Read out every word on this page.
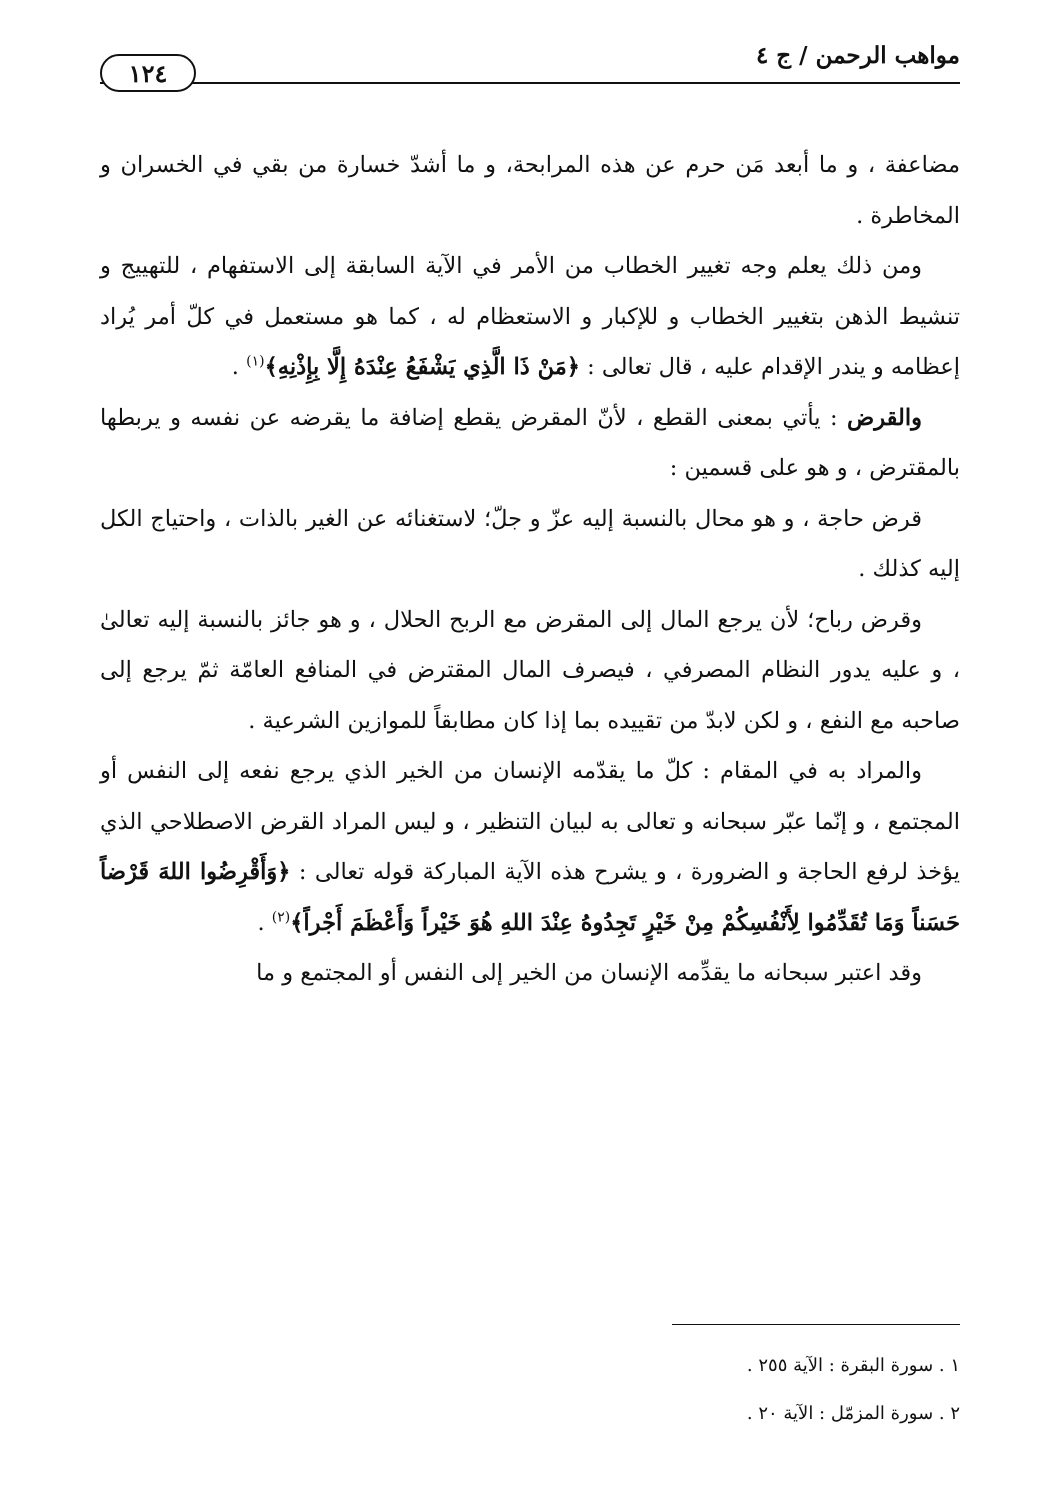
مواهب الرحمن / ج ٤
١٢٤

مضاعفة ، و ما أبعد مَن حرم عن هذه المرابحة، و ما أشدّ خسارة من بقي في الخسران و المخاطرة .

ومن ذلك يعلم وجه تغيير الخطاب من الأمر في الآية السابقة إلى الاستفهام ، للتهييج و تنشيط الذهن بتغيير الخطاب و للإكبار و الاستعظام له ، كما هو مستعمل في كلّ أمر يُراد إعظامه و يندر الإقدام عليه ، قال تعالى : ﴿مَنْ ذَا الَّذِي يَشْفَعُ عِنْدَهُ إِلَّا بِإِذْنِهِ﴾$^{(١)}$ .

والقرض : يأتي بمعنى القطع ، لأنّ المقرض يقطع إضافة ما يقرضه عن نفسه و يربطها بالمقترض ، و هو على قسمين :

قرض حاجة ، و هو محال بالنسبة إليه عزّ و جلّ؛ لاستغنائه عن الغير بالذات ، واحتياج الكل إليه كذلك .

وقرض رباح؛ لأن يرجع المال إلى المقرض مع الربح الحلال ، و هو جائز بالنسبة إليه تعالىٰ ، و عليه يدور النظام المصرفي ، فيصرف المال المقترض في المنافع العامّة ثمّ يرجع إلى صاحبه مع النفع ، و لكن لابدّ من تقييده بما إذا كان مطابقاً للموازين الشرعية .

والمراد به في المقام : كلّ ما يقدّمه الإنسان من الخير الذي يرجع نفعه إلى النفس أو المجتمع ، و إنّما عبّر سبحانه و تعالى به لبيان التنظير ، و ليس المراد القرض الاصطلاحي الذي يؤخذ لرفع الحاجة و الضرورة ، و يشرح هذه الآية المباركة قوله تعالى : ﴿وَأَقْرِضُوا اللهَ قَرْضاً حَسَناً وَمَا تُقَدِّمُوا لِأَنْفُسِكُمْ مِنْ خَيْرٍ تَجِدُوهُ عِنْدَ اللهِ هُوَ خَيْراً وَأَعْظَمَ أَجْراً﴾$^{(٢)}$ .

وقد اعتبر سبحانه ما يقدِّمه الإنسان من الخير إلى النفس أو المجتمع و ما

١ . سورة البقرة : الآية ٢٥٥ .

٢ . سورة المزمّل : الآية ٢٠ .
